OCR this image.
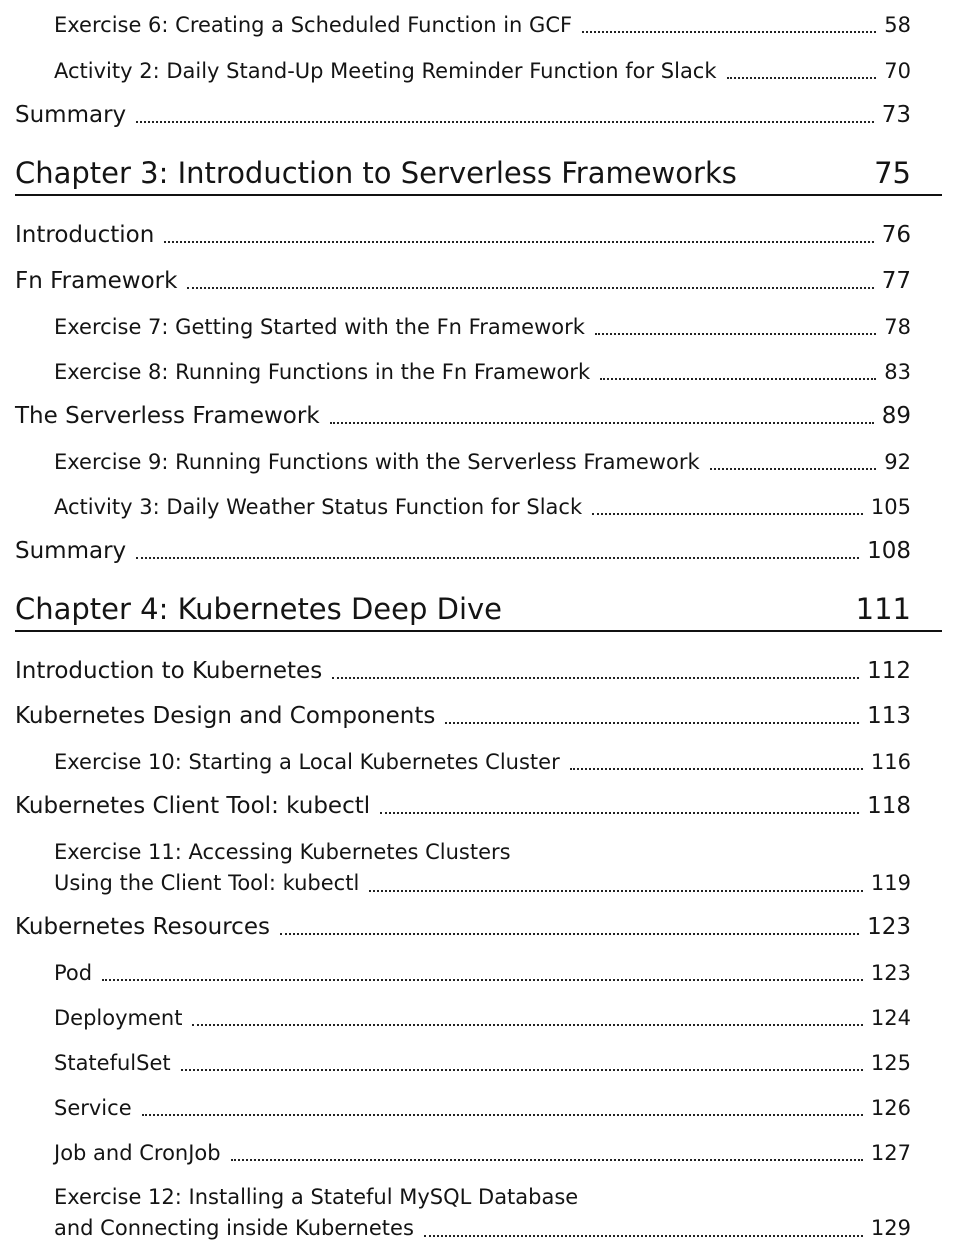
Exercise 6: Creating a Scheduled Function in GCF	58
Activity 2: Daily Stand-Up Meeting Reminder Function for Slack	70
Summary	73
Chapter 3: Introduction to Serverless Frameworks	75
Introduction	76
Fn Framework	77
Exercise 7: Getting Started with the Fn Framework	78
Exercise 8: Running Functions in the Fn Framework	83
The Serverless Framework	89
Exercise 9: Running Functions with the Serverless Framework	92
Activity 3: Daily Weather Status Function for Slack	105
Summary	108
Chapter 4: Kubernetes Deep Dive	111
Introduction to Kubernetes	112
Kubernetes Design and Components	113
Exercise 10: Starting a Local Kubernetes Cluster	116
Kubernetes Client Tool: kubectl	118
Exercise 11: Accessing Kubernetes Clusters
Using the Client Tool: kubectl	119
Kubernetes Resources	123
Pod	123
Deployment	124
StatefulSet	125
Service	126
Job and CronJob	127
Exercise 12: Installing a Stateful MySQL Database
and Connecting inside Kubernetes	129
